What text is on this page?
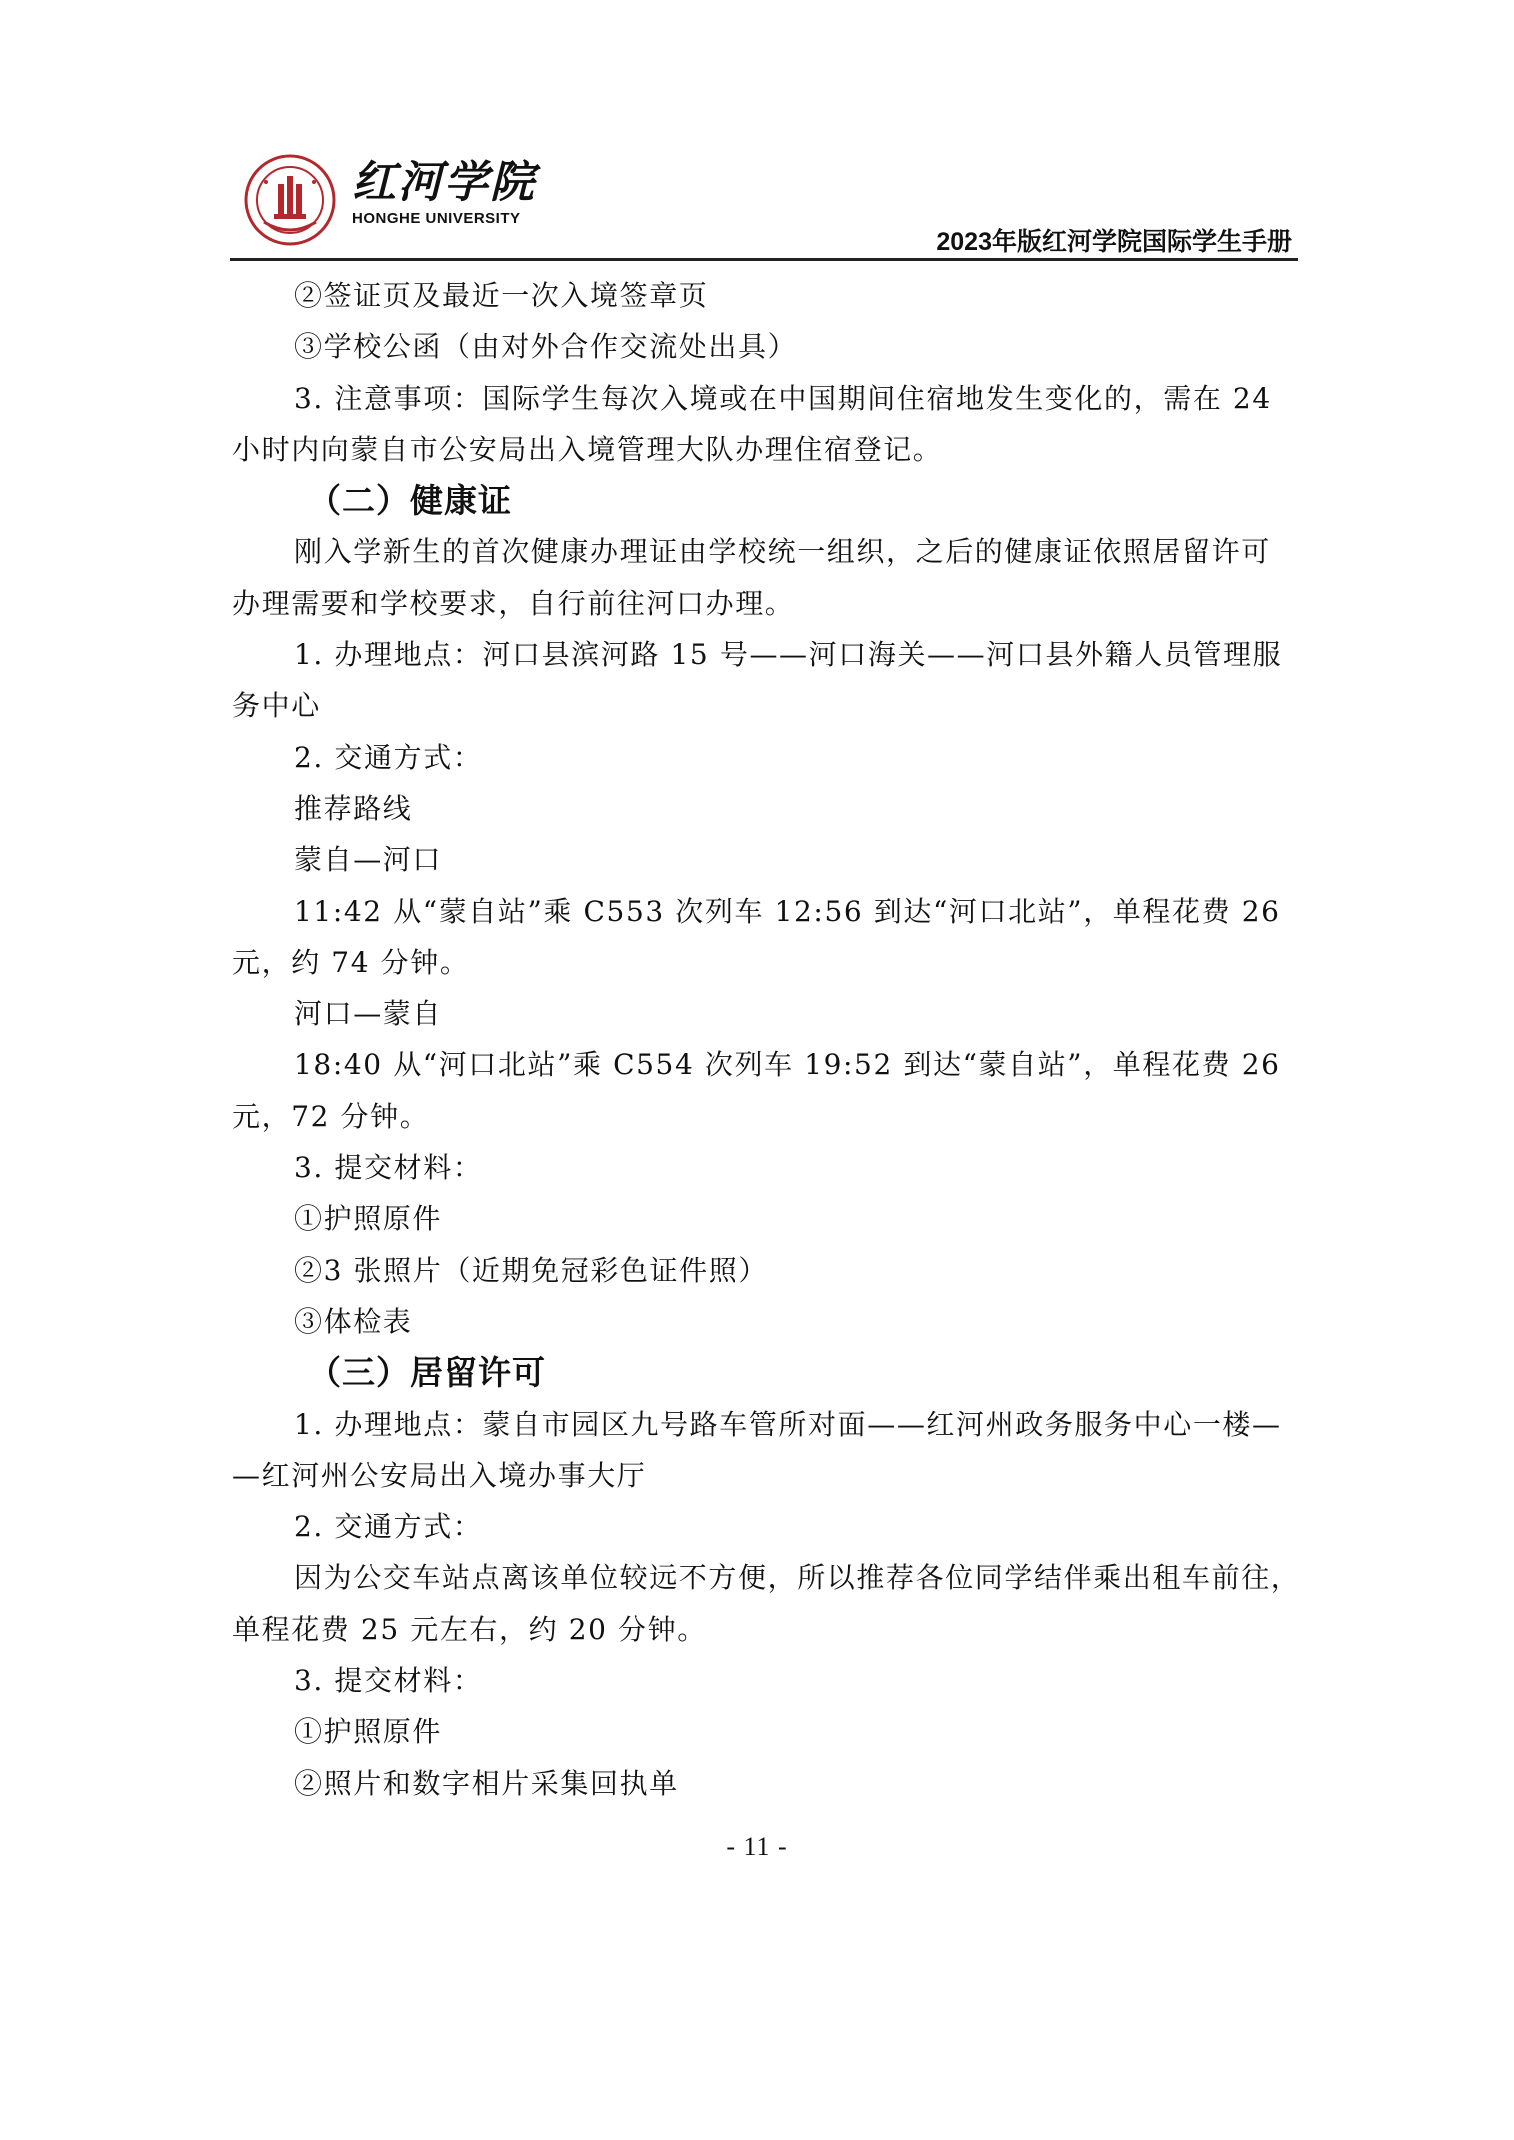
红河学院
HONGHE UNIVERSITY
2023年版红河学院国际学生手册

②签证页及最近一次入境签章页

③学校公函（由对外合作交流处出具）

3. 注意事项：国际学生每次入境或在中国期间住宿地发生变化的，需在 24

小时内向蒙自市公安局出入境管理大队办理住宿登记。

（二）健康证

刚入学新生的首次健康办理证由学校统一组织，之后的健康证依照居留许可

办理需要和学校要求，自行前往河口办理。

1. 办理地点：河口县滨河路 15 号——河口海关——河口县外籍人员管理服

务中心

2. 交通方式：

推荐路线

蒙自—河口

11:42 从“蒙自站”乘 C553 次列车 12:56 到达“河口北站”，单程花费 26

元，约 74 分钟。

河口—蒙自

18:40 从“河口北站”乘 C554 次列车 19:52 到达“蒙自站”，单程花费 26

元，72 分钟。

3. 提交材料：

①护照原件

②3 张照片（近期免冠彩色证件照）

③体检表

（三）居留许可

1. 办理地点：蒙自市园区九号路车管所对面——红河州政务服务中心一楼—

—红河州公安局出入境办事大厅

2. 交通方式：

因为公交车站点离该单位较远不方便，所以推荐各位同学结伴乘出租车前往，

单程花费 25 元左右，约 20 分钟。

3. 提交材料：

①护照原件

②照片和数字相片采集回执单

- 11 -
